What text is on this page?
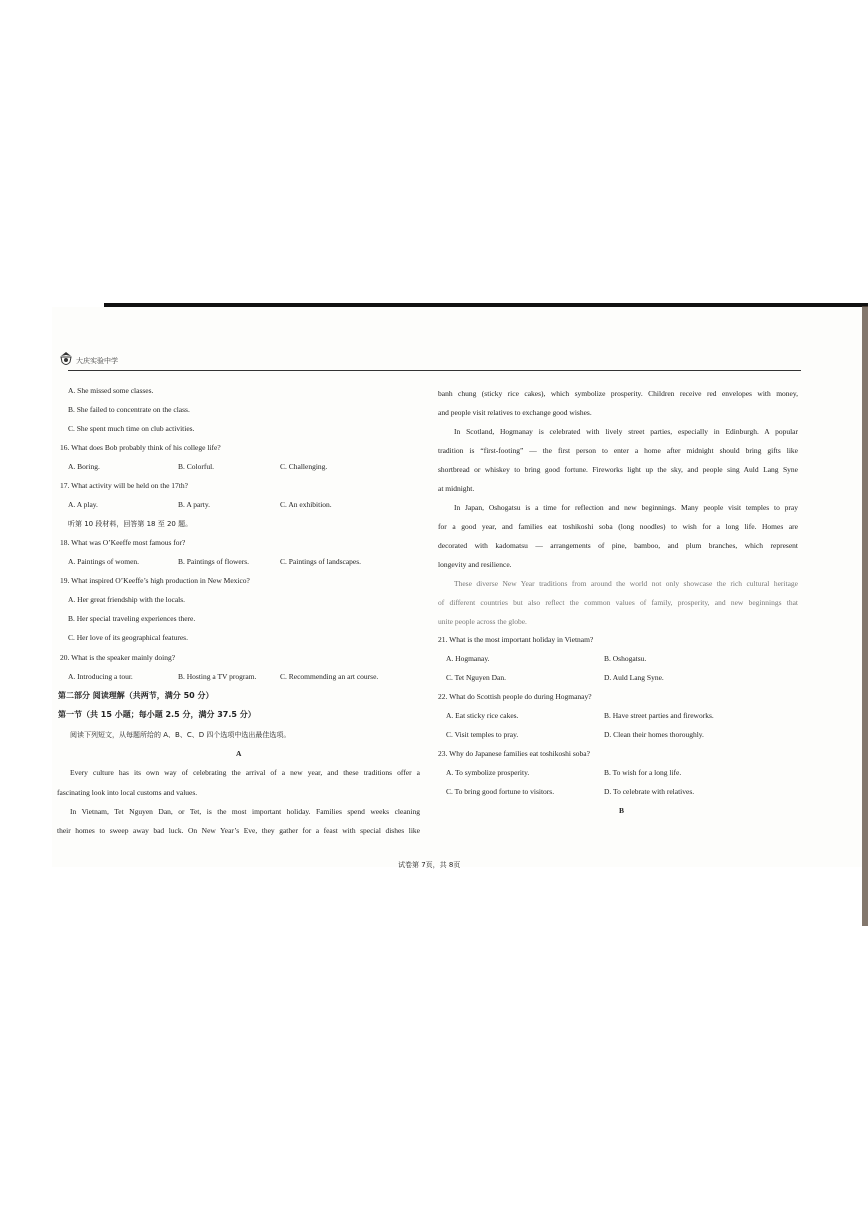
大庆实验中学
A. She missed some classes.
B. She failed to concentrate on the class.
C. She spent much time on club activities.
16. What does Bob probably think of his college life?
A. Boring.	B. Colorful.	C. Challenging.
17. What activity will be held on the 17th?
A. A play.	B. A party.	C. An exhibition.
听第 10 段材料，回答第 18 至 20 题。
18. What was O’Keeffe most famous for?
A. Paintings of women.	B. Paintings of flowers.	C. Paintings of landscapes.
19. What inspired O’Keeffe’s high production in New Mexico?
A. Her great friendship with the locals.
B. Her special traveling experiences there.
C. Her love of its geographical features.
20. What is the speaker mainly doing?
A. Introducing a tour.	B. Hosting a TV program.	C. Recommending an art course.
第二部分 阅读理解（共两节，满分 50 分）
第一节（共 15 小题；每小题 2.5 分，满分 37.5 分）
阅读下列短文，从每题所给的 A、B、C、D 四个选项中选出最佳选项。
A
Every culture has its own way of celebrating the arrival of a new year, and these traditions offer a
fascinating look into local customs and values.
In Vietnam, Tet Nguyen Dan, or Tet, is the most important holiday. Families spend weeks cleaning
their homes to sweep away bad luck. On New Year’s Eve, they gather for a feast with special dishes like
banh chung (sticky rice cakes), which symbolize prosperity. Children receive red envelopes with money,
and people visit relatives to exchange good wishes.
In Scotland, Hogmanay is celebrated with lively street parties, especially in Edinburgh. A popular
tradition is “first-footing” — the first person to enter a home after midnight should bring gifts like
shortbread or whiskey to bring good fortune. Fireworks light up the sky, and people sing Auld Lang Syne
at midnight.
In Japan, Oshogatsu is a time for reflection and new beginnings. Many people visit temples to pray
for a good year, and families eat toshikoshi soba (long noodles) to wish for a long life. Homes are
decorated with kadomatsu — arrangements of pine, bamboo, and plum branches, which represent
longevity and resilience.
These diverse New Year traditions from around the world not only showcase the rich cultural heritage
of different countries but also reflect the common values of family, prosperity, and new beginnings that
unite people across the globe.
21. What is the most important holiday in Vietnam?
A. Hogmanay.	B. Oshogatsu.
C. Tet Nguyen Dan.	D. Auld Lang Syne.
22. What do Scottish people do during Hogmanay?
A. Eat sticky rice cakes.	B. Have street parties and fireworks.
C. Visit temples to pray.	D. Clean their homes thoroughly.
23. Why do Japanese families eat toshikoshi soba?
A. To symbolize prosperity.	B. To wish for a long life.
C. To bring good fortune to visitors.	D. To celebrate with relatives.
B
试卷第 7页，共 8页
